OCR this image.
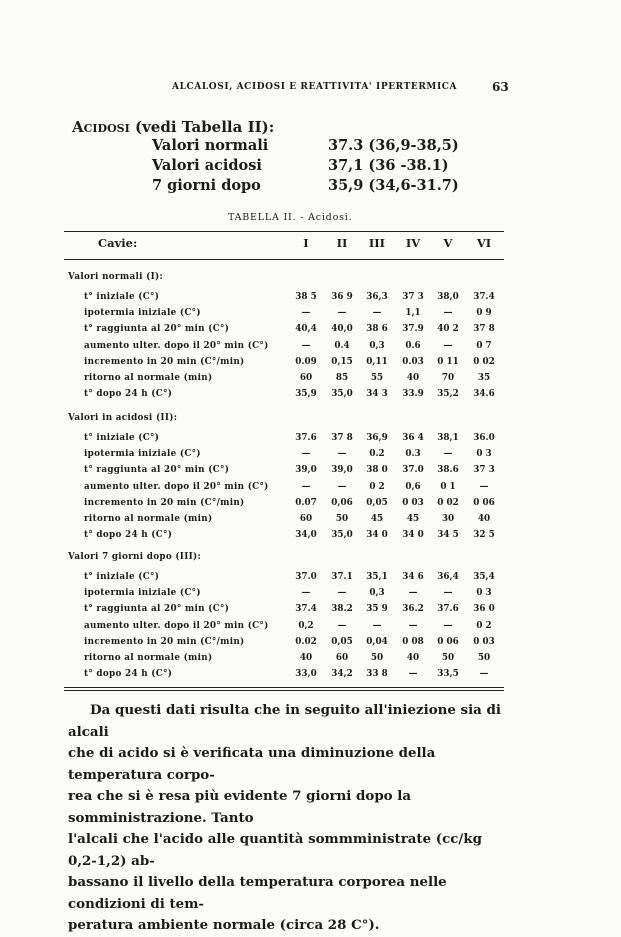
ALCALOSI, ACIDOSI E REATTIVITA' IPERTERMICA	63
Acidosi (vedi Tabella II):
Valori normali	37.3 (36,9-38,5)
Valori acidosi	37,1 (36 -38.1)
7 giorni dopo	35,9 (34,6-31.7)
TABELLA II. - Acidosi.
Cavie:	I	II	III	IV	V	VI
Valori normali (I):
t° iniziale (C°)	38 5	36 9	36,3	37 3	38,0	37.4
ipotermia iniziale (C°)	—	—	—	1,1	—	0 9
t° raggiunta al 20° min (C°)	40,4	40,0	38 6	37.9	40 2	37 8
aumento ulter. dopo il 20° min (C°)	—	0.4	0,3	0.6	—	0 7
incremento in 20 min (C°/min)	0.09	0,15	0,11	0.03	0 11	0 02
ritorno al normale (min)	60	85	55	40	70	35
t° dopo 24 h (C°)	35,9	35,0	34 3	33.9	35,2	34.6
Valori in acidosi (II):
t° iniziale (C°)	37.6	37 8	36,9	36 4	38,1	36.0
ipotermia iniziale (C°)	—	—	0.2	0.3	—	0 3
t° raggiunta al 20° min (C°)	39,0	39,0	38 0	37.0	38.6	37 3
aumento ulter. dopo il 20° min (C°)	—	—	0 2	0,6	0 1	—
incremento in 20 min (C°/min)	0.07	0,06	0,05	0 03	0 02	0 06
ritorno al normale (min)	60	50	45	45	30	40
t° dopo 24 h (C°)	34,0	35,0	34 0	34 0	34 5	32 5
Valori 7 giorni dopo (III):
t° iniziale (C°)	37.0	37.1	35,1	34 6	36,4	35,4
ipotermia iniziale (C°)	—	—	0,3	—	—	0 3
t° raggiunta al 20° min (C°)	37.4	38.2	35 9	36.2	37.6	36 0
aumento ulter. dopo il 20° min (C°)	0,2	—	—	—	—	0 2
incremento in 20 min (C°/min)	0.02	0,05	0,04	0 08	0 06	0 03
ritorno al normale (min)	40	60	50	40	50	50
t° dopo 24 h (C°)	33,0	34,2	33 8	—	33,5	—

Da questi dati risulta che in seguito all'iniezione sia di alcali

che di acido si è verificata una diminuzione della temperatura corpo-

rea che si è resa più evidente 7 giorni dopo la somministrazione. Tanto

l'alcali che l'acido alle quantità sommministrate (cc/kg 0,2-1,2) ab-

bassano il livello della temperatura corporea nelle condizioni di tem-

peratura ambiente normale (circa 28 C°).
